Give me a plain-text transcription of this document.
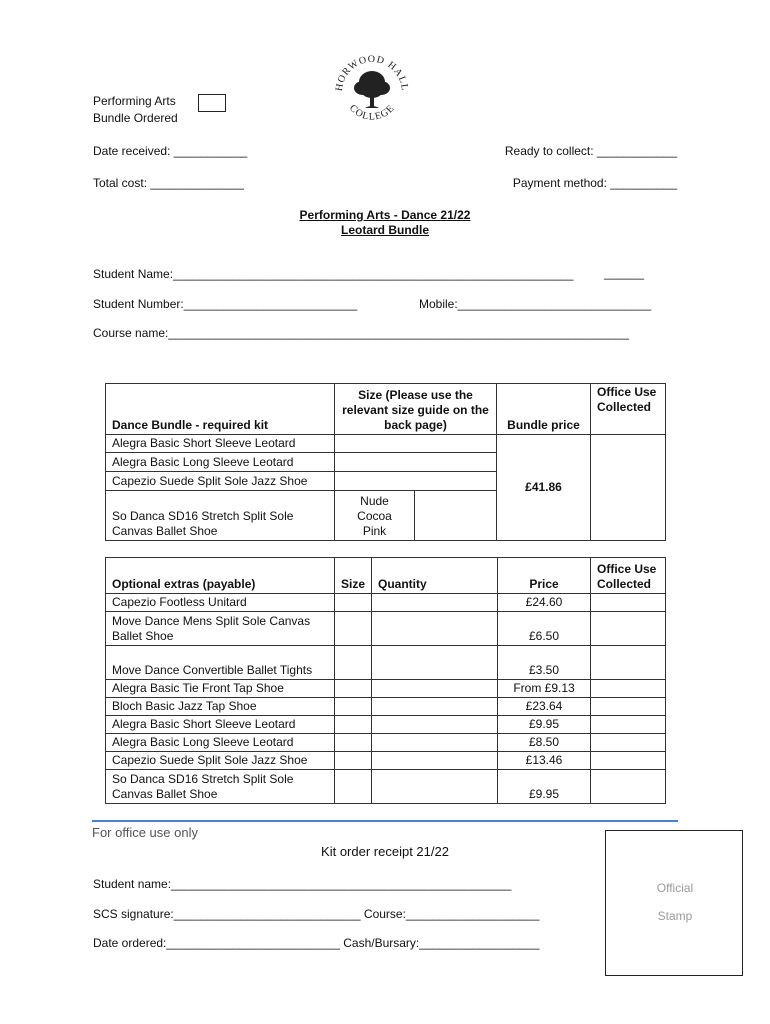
HORWOOD HALL
COLLEGE
Performing Arts
Bundle Ordered
Date received: ___________	Ready to collect: ____________
Total cost: ______________	Payment method: __________
Performing Arts - Dance 21/22
Leotard Bundle
Student Name:____________________________________________________________	______
Student Number:__________________________	Mobile:_____________________________
Course name:_____________________________________________________________________
Dance Bundle - required kit	Size (Please use the relevant size guide on the back page)		Bundle price	Office Use Collected
Alegra Basic Short Sleeve Leotard			£41.86	
Alegra Basic Long Sleeve Leotard				
Capezio Suede Split Sole Jazz Shoe				
So Danca SD16 Stretch Split Sole Canvas Ballet Shoe	Nude
Cocoa
Pink			

Optional extras (payable)	Size	Quantity	Price	Office Use Collected
Capezio Footless Unitard			£24.60	
Move Dance Mens Split Sole Canvas Ballet Shoe			£6.50	
Move Dance Convertible Ballet Tights			£3.50	
Alegra Basic Tie Front Tap Shoe			From £9.13	
Bloch Basic Jazz Tap Shoe			£23.64	
Alegra Basic Short Sleeve Leotard			£9.95	
Alegra Basic Long Sleeve Leotard			£8.50	
Capezio Suede Split Sole Jazz Shoe			£13.46	
So Danca SD16 Stretch Split Sole Canvas Ballet Shoe			£9.95	
For office use only
Kit order receipt 21/22
Student name:___________________________________________________
SCS signature:____________________________ Course:____________________
Date ordered:__________________________ Cash/Bursary:__________________
Official
Stamp
